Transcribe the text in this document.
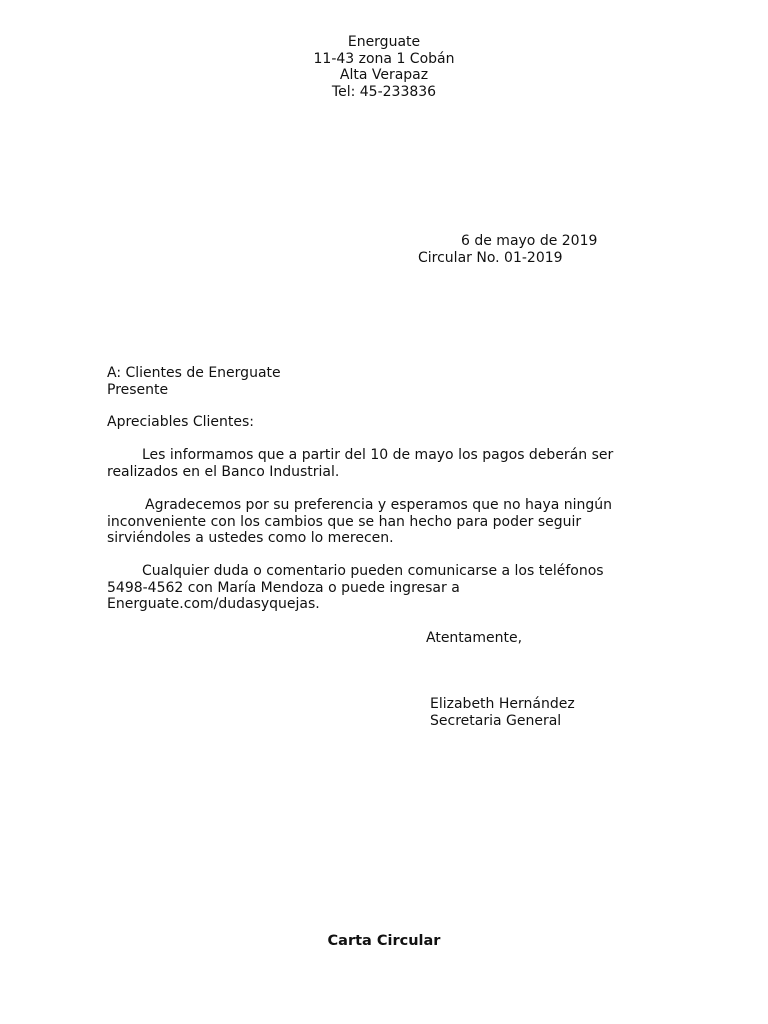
Energuate
11-43 zona 1 Cobán
Alta Verapaz
Tel: 45-233836
6 de mayo de 2019
Circular No. 01-2019
A: Clientes de Energuate
Presente
Apreciables Clientes:

Les informamos que a partir del 10 de mayo los pagos deberán ser realizados en el Banco Industrial.

Agradecemos por su preferencia y esperamos que no haya ningún inconveniente con los cambios que se han hecho para poder seguir sirviéndoles a ustedes como lo merecen.

Cualquier duda o comentario pueden comunicarse a los teléfonos 5498-4562 con María Mendoza o puede ingresar a Energuate.com/dudasyquejas.

Atentamente,
Elizabeth Hernández
Secretaria General
Carta Circular
